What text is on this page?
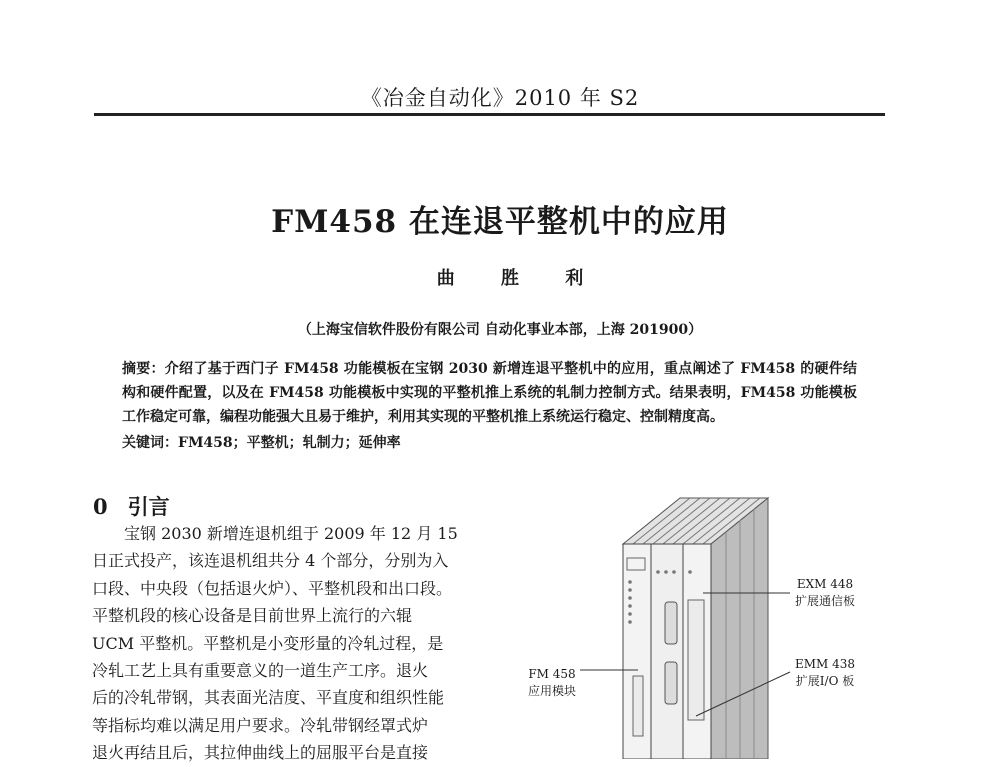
《冶金自动化》2010 年 S2
FM458 在连退平整机中的应用
曲 胜 利
（上海宝信软件股份有限公司 自动化事业本部，上海 201900）
摘要：介绍了基于西门子 FM458 功能模板在宝钢 2030 新增连退平整机中的应用，重点阐述了 FM458 的硬件结构和硬件配置，以及在 FM458 功能模板中实现的平整机推上系统的轧制力控制方式。结果表明，FM458 功能模板工作稳定可靠，编程功能强大且易于维护，利用其实现的平整机推上系统运行稳定、控制精度高。
关键词：FM458；平整机；轧制力；延伸率
0 引言
宝钢 2030 新增连退机组于 2009 年 12 月 15
日正式投产，该连退机组共分 4 个部分，分别为入
口段、中央段（包括退火炉）、平整机段和出口段。
平整机段的核心设备是目前世界上流行的六辊
UCM 平整机。平整机是小变形量的冷轧过程，是
冷轧工艺上具有重要意义的一道生产工序。退火
后的冷轧带钢，其表面光洁度、平直度和组织性能
等指标均难以满足用户要求。冷轧带钢经罩式炉
退火再结且后，其拉伸曲线上的屈服平台是直接
EXM 448
扩展通信板
EMM 438
扩展I/O 板
FM 458
应用模块
